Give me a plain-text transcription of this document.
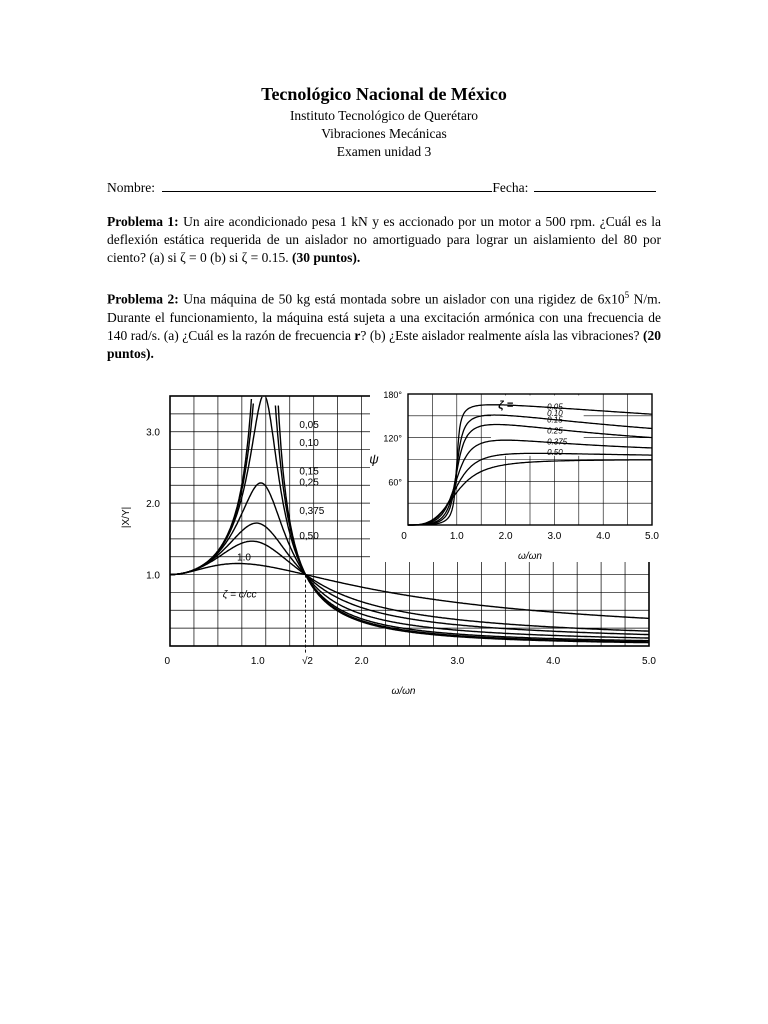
Tecnológico Nacional de México
Instituto Tecnológico de Querétaro
Vibraciones Mecánicas
Examen unidad 3
Nombre:	Fecha:
Problema 1: Un aire acondicionado pesa 1 kN y es accionado por un motor a 500 rpm. ¿Cuál es la deflexión estática requerida de un aislador no amortiguado para lograr un aislamiento del 80 por ciento? (a) si ζ = 0 (b) si ζ = 0.15. (30 puntos).
Problema 2: Una máquina de 50 kg está montada sobre un aislador con una rigidez de $6x10^5$ N/m. Durante el funcionamiento, la máquina está sujeta a una excitación armónica con una frecuencia de 140 rad/s. (a) ¿Cuál es la razón de frecuencia r? (b) ¿Este aislador realmente aísla las vibraciones? (20 puntos).
1.0
2.0
3.0
0	1.0	√2	2.0	3.0	4.0	5.0
ω/ωn
|X/Y|
ζ = c/cc
0,05
0,10
0,15
0,25
0,375
0,50
1.0
60°
120°
180°
0	1.0	2.0	3.0	4.0	5.0
ω/ωn
ψ
ζ =	0.05
0.10
0.15
0.25
0.375
0.50
